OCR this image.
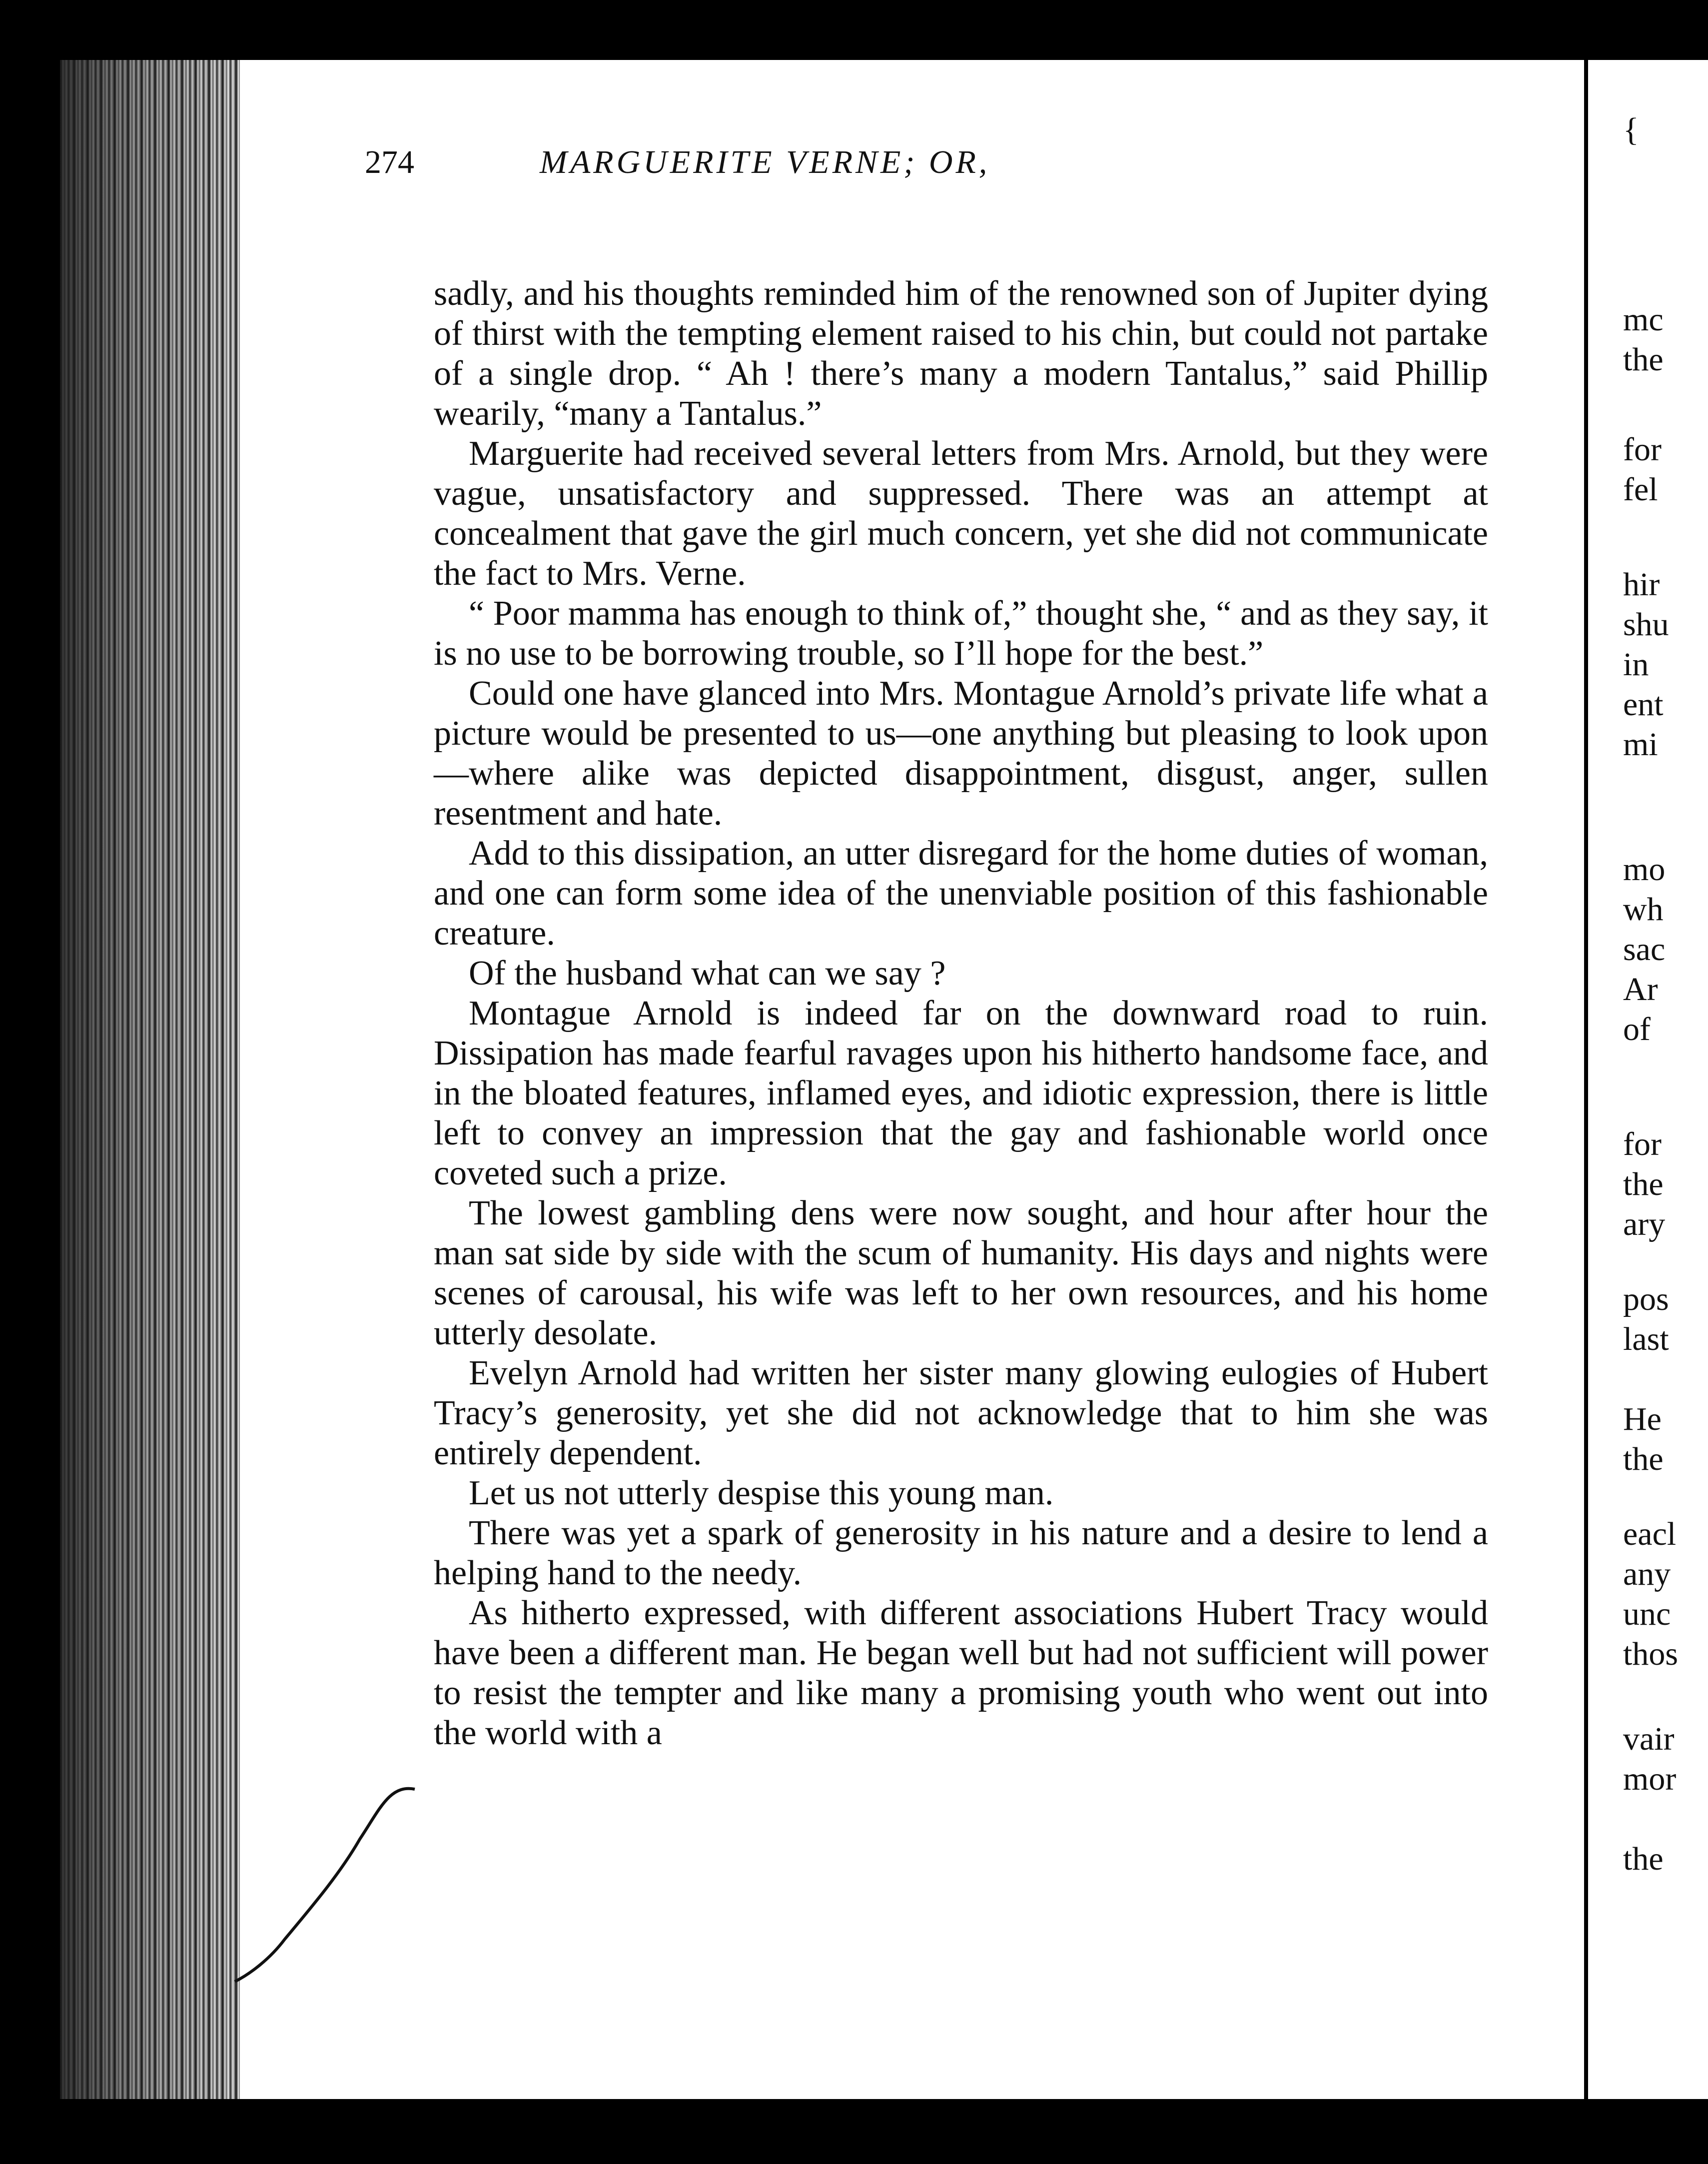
274	MARGUERITE VERNE; OR,

sadly, and his thoughts reminded him of the renowned son of Jupiter dying of thirst with the tempting element raised to his chin, but could not partake of a single drop. “ Ah ! there’s many a modern Tantalus,” said Phillip wearily, “many a Tantalus.”

Marguerite had received several letters from Mrs. Arnold, but they were vague, unsatisfactory and suppressed. There was an attempt at concealment that gave the girl much concern, yet she did not communicate the fact to Mrs. Verne.

“ Poor mamma has enough to think of,” thought she, “ and as they say, it is no use to be borrowing trouble, so I’ll hope for the best.”

Could one have glanced into Mrs. Montague Arnold’s private life what a picture would be presented to us—one anything but pleasing to look upon—where alike was depicted disappointment, disgust, anger, sullen resentment and hate.

Add to this dissipation, an utter disregard for the home duties of woman, and one can form some idea of the unenviable position of this fashionable creature.

Of the husband what can we say ?

Montague Arnold is indeed far on the downward road to ruin. Dissipation has made fearful ravages upon his hitherto handsome face, and in the bloated features, inflamed eyes, and idiotic expression, there is little left to convey an impression that the gay and fashionable world once coveted such a prize.

The lowest gambling dens were now sought, and hour after hour the man sat side by side with the scum of humanity. His days and nights were scenes of carousal, his wife was left to her own resources, and his home utterly desolate.

Evelyn Arnold had written her sister many glowing eulogies of Hubert Tracy’s generosity, yet she did not acknowledge that to him she was entirely dependent.

Let us not utterly despise this young man.

There was yet a spark of generosity in his nature and a desire to lend a helping hand to the needy.

As hitherto expressed, with different associations Hubert Tracy would have been a different man. He began well but had not sufficient will power to resist the tempter and like many a promising youth who went out into the world with a

{
mc
the
for
fel
hir
shu
in
ent
mi
mo
wh
sac
Ar
of
for
the
ary
pos
last
He
the
eacl
any
unc
thos
vair
mor
the
